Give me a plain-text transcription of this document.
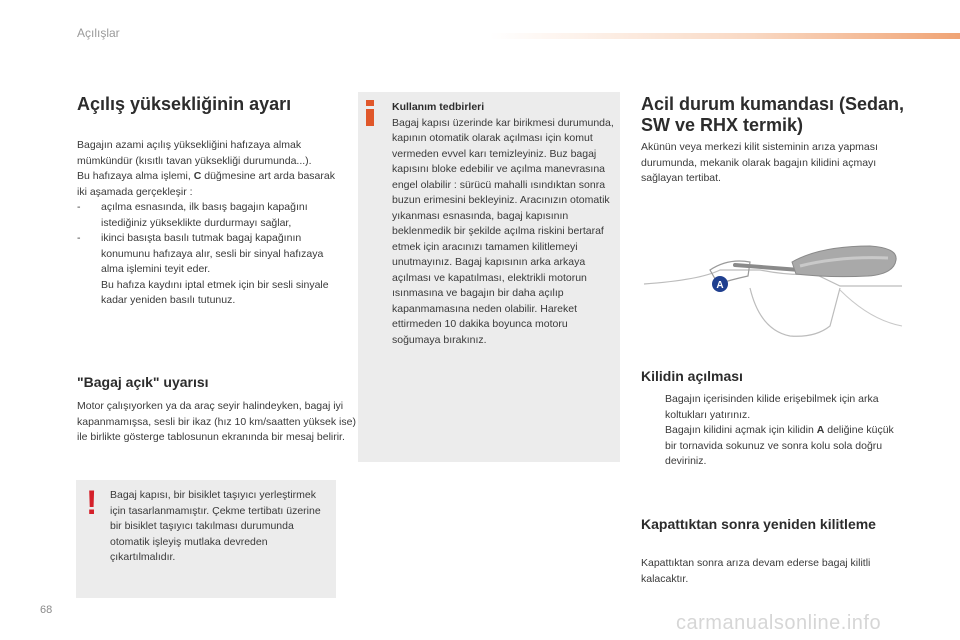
Açılışlar
Açılış yüksekliğinin ayarı

Bagajın azami açılış yüksekliğini hafızaya almak mümkündür (kısıtlı tavan yüksekliği durumunda...).

Bu hafızaya alma işlemi, C düğmesine art arda basarak iki aşamada gerçekleşir :

- açılma esnasında, ilk basış bagajın kapağını istediğiniz yükseklikte durdurmayı sağlar,
- ikinci basışta basılı tutmak bagaj kapağının konumunu hafızaya alır, sesli bir sinyal hafızaya alma işlemini teyit eder.

Bu hafıza kaydını iptal etmek için bir sesli sinyale kadar yeniden basılı tutunuz.

"Bagaj açık" uyarısı
Motor çalışıyorken ya da araç seyir halindeyken, bagaj iyi kapanmamışsa, sesli bir ikaz (hız 10 km/saatten yüksek ise) ile birlikte gösterge tablosunun ekranında bir mesaj belirir.
! Bagaj kapısı, bir bisiklet taşıyıcı yerleştirmek için tasarlanmamıştır. Çekme tertibatı üzerine bir bisiklet taşıyıcı takılması durumunda otomatik işleyiş mutlaka devreden çıkartılmalıdır.

Kullanım tedbirleri

Bagaj kapısı üzerinde kar birikmesi durumunda, kapının otomatik olarak açılması için komut vermeden evvel karı temizleyiniz. Buz bagaj kapısını bloke edebilir ve açılma manevrasına engel olabilir : sürücü mahalli ısındıktan sonra buzun erimesini bekleyiniz. Aracınızın otomatik yıkanması esnasında, bagaj kapısının beklenmedik bir şekilde açılma riskini bertaraf etmek için aracınızı tamamen kilitlemeyi unutmayınız. Bagaj kapısının arka arkaya açılması ve kapatılması, elektrikli motorun ısınmasına ve bagajın bir daha açılıp kapanmamasına neden olabilir. Hareket ettirmeden 10 dakika boyunca motoru soğumaya bırakınız.

Acil durum kumandası (Sedan, SW ve RHX termik)
Akünün veya merkezi kilit sisteminin arıza yapması durumunda, mekanik olarak bagajın kilidini açmayı sağlayan tertibat.
A
Kilidin açılması
Bagajın içerisinden kilide erişebilmek için arka koltukları yatırınız.
Bagajın kilidini açmak için kilidin A deliğine küçük bir tornavida sokunuz ve sonra kolu sola doğru deviriniz.
Kapattıktan sonra yeniden kilitleme
Kapattıktan sonra arıza devam ederse bagaj kilitli kalacaktır.
68
carmanualsonline.info
